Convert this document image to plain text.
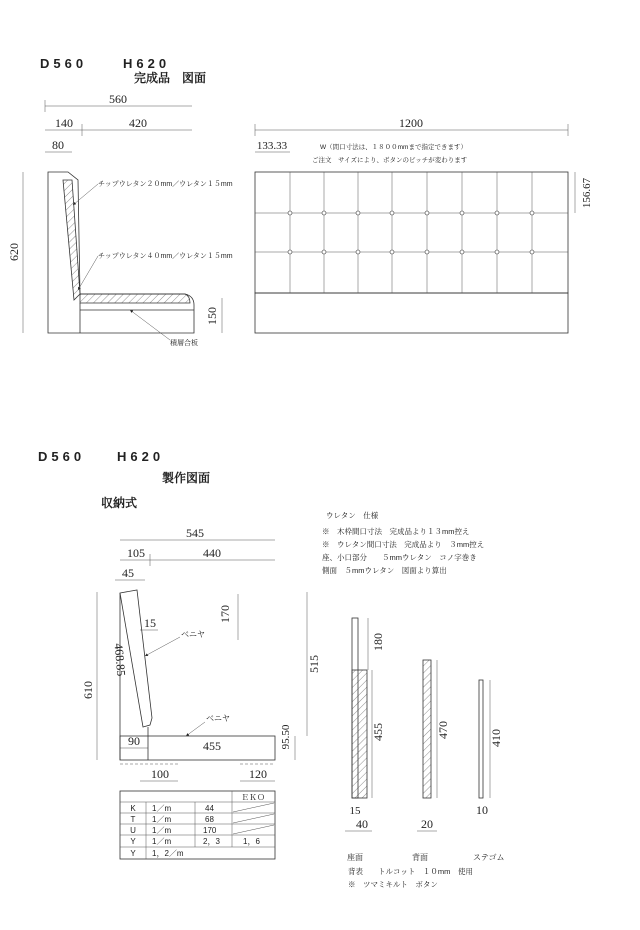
D560	H620
完成品　図面
560
140	420
80
620
150
チップウレタン２０mm／ウレタン１５mm
チップウレタン４０mm／ウレタン１５mm
積層合板
1200
133.33
156.67
W（間口寸法は、１８００mmまで指定できます）
ご注文　サイズにより、ボタンのピッチが変わります
D560 H620
製作図面
収納式
ウレタン　仕様
※　木枠間口寸法　完成品より１３mm控え
※　ウレタン間口寸法　完成品より　３mm控え
座、小口部分　　５mmウレタン　コノ字巻き
側面　５mmウレタン　図面より算出
545
105	440
45
15	170
610
468.85	515
95.50
90	455
100	120
ベニヤ
ベニヤ
180
455
15
40
470
20
410
10
座面	背面	ステゴム
背表　　トルコット　１０mm　使用
※　ツマミキルト　ボタン
ＥＫＯ
K 1／m	44
T 1／m	68
U 1／m	170
Y 1／m	2，3	1，6
Y 1，2／m
